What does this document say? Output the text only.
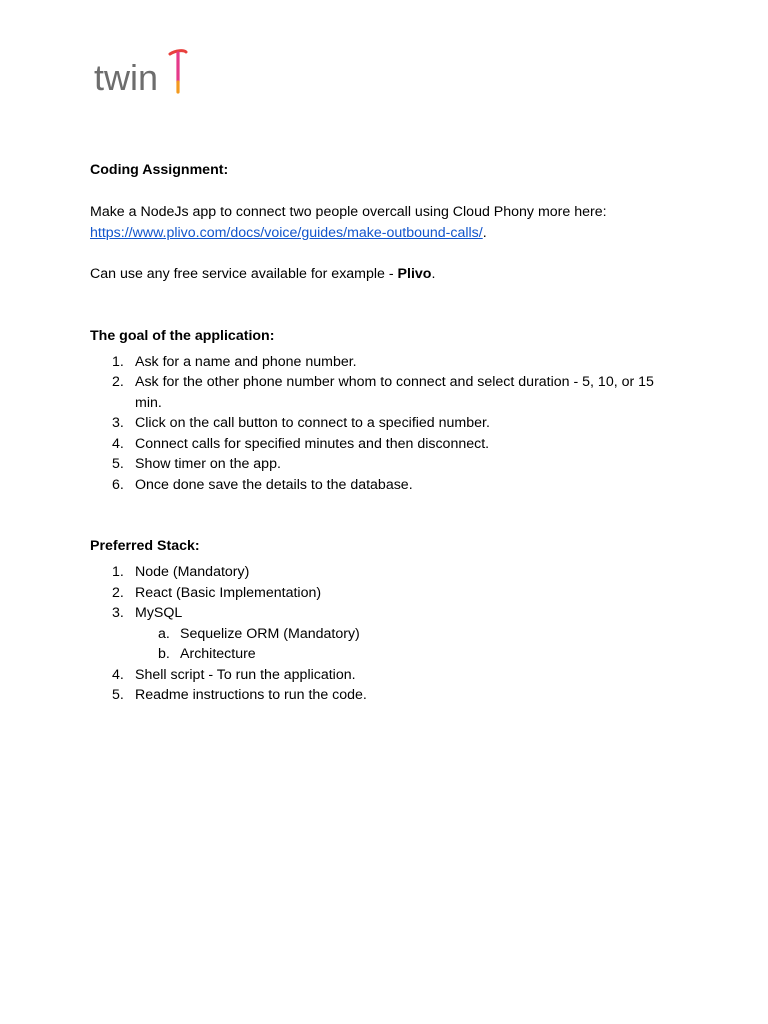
twin

Coding Assignment:

Make a NodeJs app to connect two people overcall using Cloud Phony more here:
https://www.plivo.com/docs/voice/guides/make-outbound-calls/.

Can use any free service available for example - Plivo.

The goal of the application:

1. Ask for a name and phone number.
2. Ask for the other phone number whom to connect and select duration - 5, 10, or 15 min.
3. Click on the call button to connect to a specified number.
4. Connect calls for specified minutes and then disconnect.
5. Show timer on the app.
6. Once done save the details to the database.

Preferred Stack:

1. Node (Mandatory)
2. React (Basic Implementation)
3. MySQL
a. Sequelize ORM (Mandatory)
b. Architecture
4. Shell script - To run the application.
5. Readme instructions to run the code.
